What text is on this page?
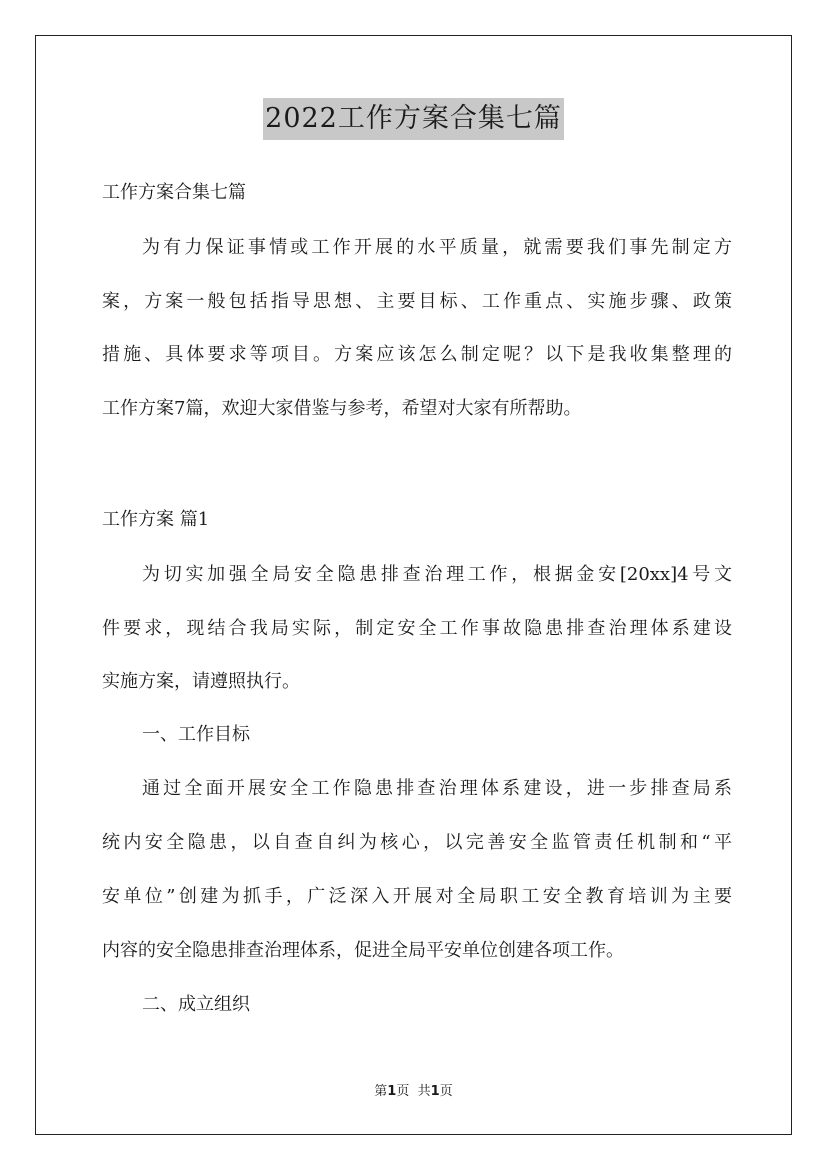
2022工作方案合集七篇
工作方案合集七篇
为有力保证事情或工作开展的水平质量，就需要我们事先制定方
案，方案一般包括指导思想、主要目标、工作重点、实施步骤、政策
措施、具体要求等项目。方案应该怎么制定呢？以下是我收集整理的
工作方案7篇，欢迎大家借鉴与参考，希望对大家有所帮助。
工作方案 篇1
为切实加强全局安全隐患排查治理工作，根据金安[20xx]4号文
件要求，现结合我局实际，制定安全工作事故隐患排查治理体系建设
实施方案，请遵照执行。
一、工作目标
通过全面开展安全工作隐患排查治理体系建设，进一步排查局系
统内安全隐患，以自查自纠为核心，以完善安全监管责任机制和“平
安单位”创建为抓手，广泛深入开展对全局职工安全教育培训为主要
内容的安全隐患排查治理体系，促进全局平安单位创建各项工作。
二、成立组织
第1页 共1页
